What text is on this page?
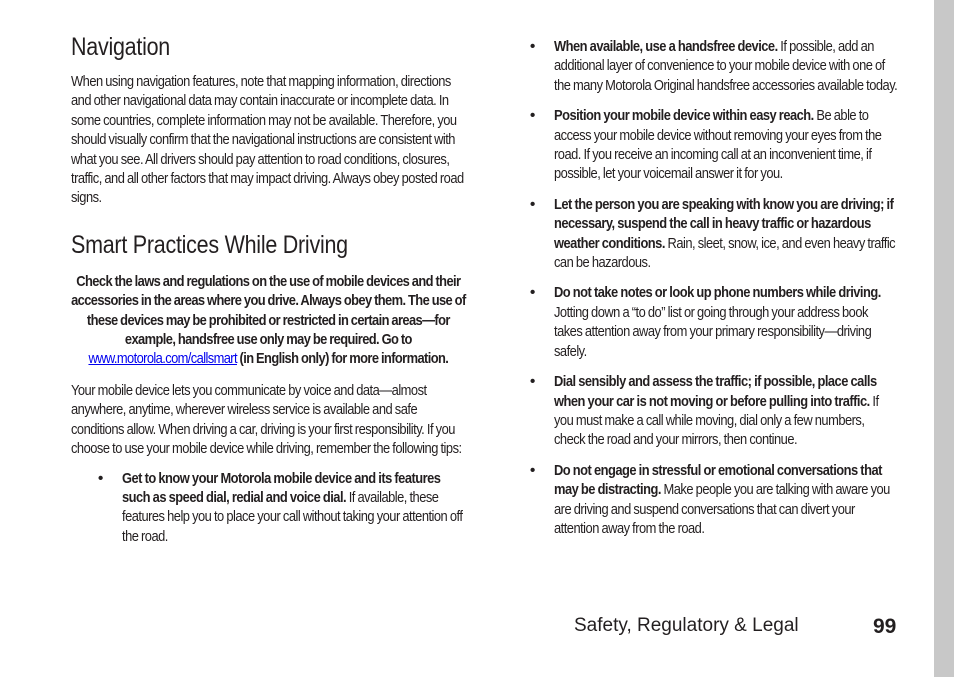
Navigation

When using navigation features, note that mapping information, directions and other navigational data may contain inaccurate or incomplete data. In some countries, complete information may not be available. Therefore, you should visually confirm that the navigational instructions are consistent with what you see. All drivers should pay attention to road conditions, closures, traffic, and all other factors that may impact driving. Always obey posted road signs.

Smart Practices While Driving
Check the laws and regulations on the use of mobile devices and their accessories in the areas where you drive. Always obey them. The use of these devices may be prohibited or restricted in certain areas—for example, handsfree use only may be required. Go to www.motorola.com/callsmart (in English only) for more information.

Your mobile device lets you communicate by voice and data—almost anywhere, anytime, wherever wireless service is available and safe conditions allow. When driving a car, driving is your first responsibility. If you choose to use your mobile device while driving, remember the following tips:

• Get to know your Motorola mobile device and its features such as speed dial, redial and voice dial. If available, these features help you to place your call without taking your attention off the road.
• When available, use a handsfree device. If possible, add an additional layer of convenience to your mobile device with one of the many Motorola Original handsfree accessories available today.
• Position your mobile device within easy reach. Be able to access your mobile device without removing your eyes from the road. If you receive an incoming call at an inconvenient time, if possible, let your voicemail answer it for you.
• Let the person you are speaking with know you are driving; if necessary, suspend the call in heavy traffic or hazardous weather conditions. Rain, sleet, snow, ice, and even heavy traffic can be hazardous.
• Do not take notes or look up phone numbers while driving. Jotting down a “to do” list or going through your address book takes attention away from your primary responsibility—driving safely.
• Dial sensibly and assess the traffic; if possible, place calls when your car is not moving or before pulling into traffic. If you must make a call while moving, dial only a few numbers, check the road and your mirrors, then continue.
• Do not engage in stressful or emotional conversations that may be distracting. Make people you are talking with aware you are driving and suspend conversations that can divert your attention away from the road.
Safety, Regulatory & Legal	99
